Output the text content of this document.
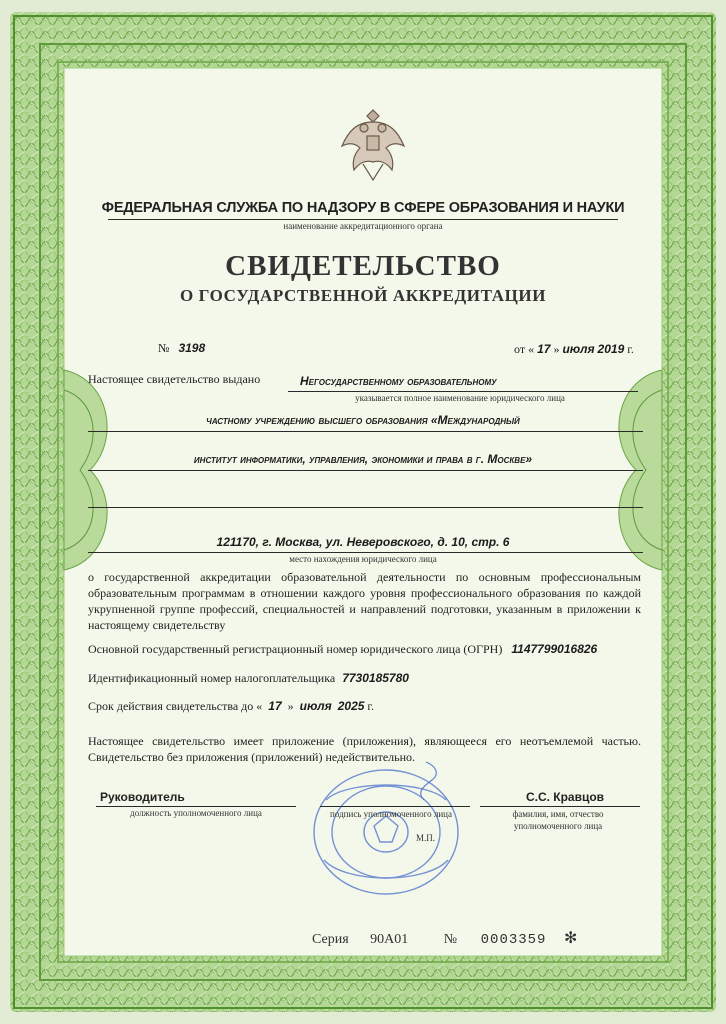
ФЕДЕРАЛЬНАЯ СЛУЖБА ПО НАДЗОРУ В СФЕРЕ ОБРАЗОВАНИЯ И НАУКИ
наименование аккредитационного органа
СВИДЕТЕЛЬСТВО
О ГОСУДАРСТВЕННОЙ АККРЕДИТАЦИИ
№ 3198	от « 17 » июля 2019 г.
Настоящее свидетельство выдано	Негосударственному образовательному
указывается полное наименование юридического лица
частному учреждению высшего образования «Международный
институт информатики, управления, экономики и права в г. Москве»
121170, г. Москва, ул. Неверовского, д. 10, стр. 6
место нахождения юридического лица
о государственной аккредитации образовательной деятельности по основным профессиональным образовательным программам в отношении каждого уровня профессионального образования по каждой укрупненной группе профессий, специальностей и направлений подготовки, указанным в приложении к настоящему свидетельству
Основной государственный регистрационный номер юридического лица (ОГРН) 1147799016826
Идентификационный номер налогоплательщика 7730185780
Срок действия свидетельства до « 17 » июля 2025 г.
Настоящее свидетельство имеет приложение (приложения), являющееся его неотъемлемой частью. Свидетельство без приложения (приложений) недействительно.
Руководитель
должность уполномоченного лица	подпись уполномоченного лица
М.П.
С.С. Кравцов
фамилия, имя, отчество уполномоченного лица
Серия 90А01	№ 0003359 ✻
